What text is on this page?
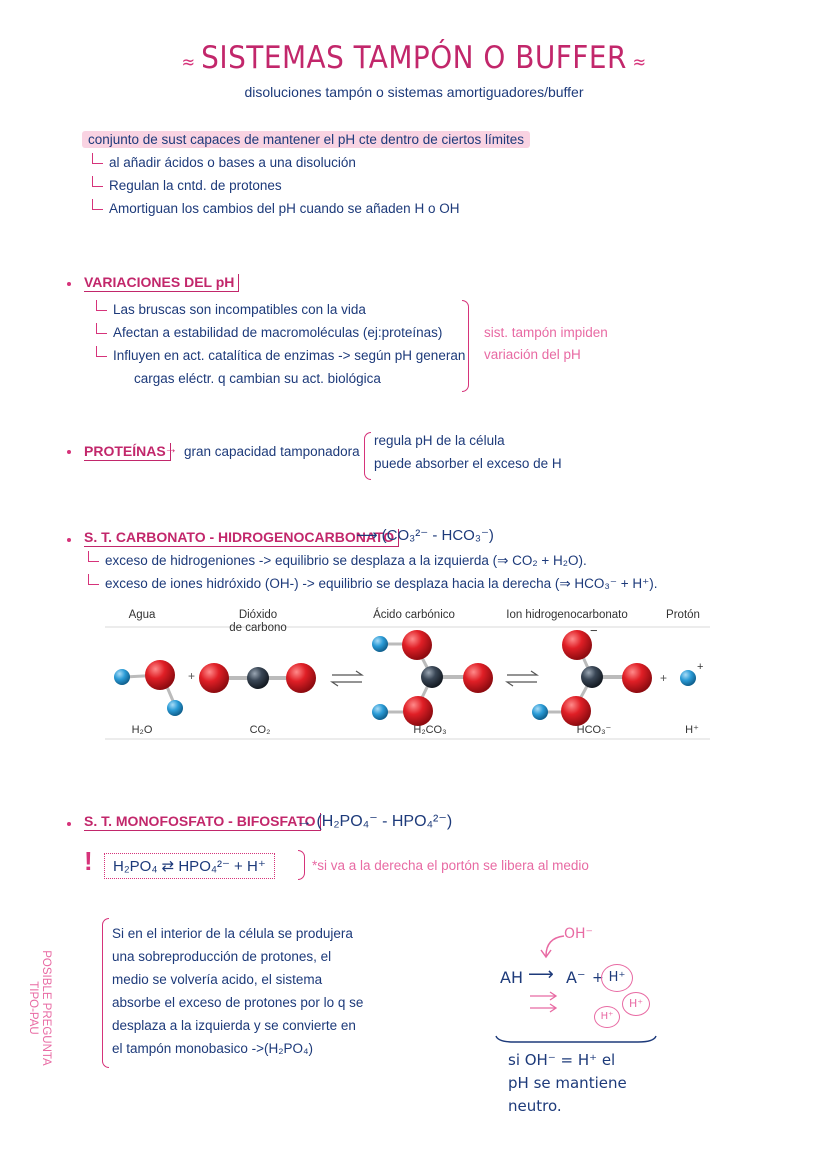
≈ SISTEMAS TAMPÓN O BUFFER ≈
disoluciones tampón o sistemas amortiguadores/buffer
conjunto de sust capaces de mantener el pH cte dentro de ciertos límites
al añadir ácidos o bases a una disolución
Regulan la cntd. de protones
Amortiguan los cambios del pH cuando se añaden H o OH
VARIACIONES DEL pH
Las bruscas son incompatibles con la vida
Afectan a estabilidad de macromoléculas (ej:proteínas)
Influyen en act. catalítica de enzimas -> según pH generan
cargas eléctr. q cambian su act. biológica
sist. tampón impiden
variación del pH
PROTEÍNAS
→ gran capacidad tamponadora
regula pH de la célula
puede absorber el exceso de H
S. T. CARBONATO - HIDROGENOCARBONATO
⟶ (CO₃²⁻ - HCO₃⁻)
exceso de hidrogeniones -> equilibrio se desplaza a la izquierda (⇒ CO₂ + H₂O).
exceso de iones hidróxido (OH-) -> equilibrio se desplaza hacia la derecha (⇒ HCO₃⁻ + H⁺).
Agua	Dióxido
de carbono
Ácido carbónico	Ion hidrogenocarbonato	Protón
+
−
+
+
H₂O	CO₂	H₂CO₃	HCO₃⁻	H⁺
S. T. MONOFOSFATO - BIFOSFATO
→ (H₂PO₄⁻ - HPO₄²⁻)
!	H₂PO₄ ⇄ HPO₄²⁻ + H⁺	*si va a la derecha el portón se libera al medio
POSIBLE PREGUNTA TIPO-PAU
Si en el interior de la célula se produjera
una sobreproducción de protones, el
medio se volvería acido, el sistema
absorbe el exceso de protones por lo q se
desplaza a la izquierda y se convierte en
el tampón monobasico ->(H₂PO₄)
OH⁻
AH ⟶ A⁻ + H⁺
H⁺
H⁺
si OH⁻ = H⁺ el
pH se mantiene
neutro.
